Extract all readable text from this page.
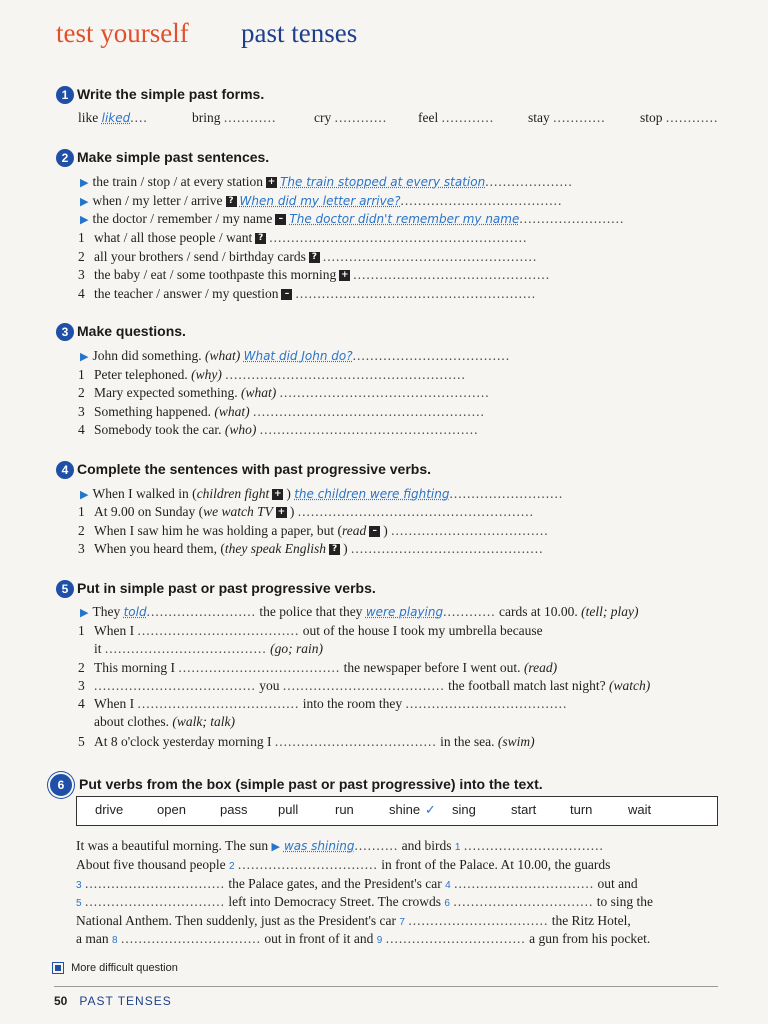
test yourself past tenses
1 Write the simple past forms.
like liked....	bring ............	cry ............ feel ............	stay ............	stop ............
2 Make simple past sentences.
▶ the train / stop / at every station + The train stopped at every station....................
▶ when / my letter / arrive ? When did my letter arrive?.....................................
▶ the doctor / remember / my name – The doctor didn't remember my name........................
1 what / all those people / want ? ...........................................................
2 all your brothers / send / birthday cards ? .................................................
3 the baby / eat / some toothpaste this morning + .............................................
4 the teacher / answer / my question – .......................................................
3 Make questions.
▶ John did something. (what) What did John do?....................................
1 Peter telephoned. (why) .......................................................
2 Mary expected something. (what) ................................................
3 Something happened. (what) .....................................................
4 Somebody took the car. (who) ..................................................
4 Complete the sentences with past progressive verbs.
▶ When I walked in (children fight + ) the children were fighting..........................
1 At 9.00 on Sunday (we watch TV + ) ......................................................
2 When I saw him he was holding a paper, but (read – ) ....................................
3 When you heard them, (they speak English ? ) ............................................
5 Put in simple past or past progressive verbs.
▶ They told......................... the police that they were playing............ cards at 10.00. (tell; play)
1 When I ..................................... out of the house I took my umbrella because
it ..................................... (go; rain)
2 This morning I ..................................... the newspaper before I went out. (read)
3 ..................................... you ..................................... the football match last night? (watch)
4 When I ..................................... into the room they .....................................
about clothes. (walk; talk)
5 At 8 o'clock yesterday morning I ..................................... in the sea. (swim)
6 Put verbs from the box (simple past or past progressive) into the text.
drive	open	pass pull	run	shine ✓ sing	start	turn	wait
It was a beautiful morning. The sun ▶ was shining.......... and birds 1 ................................
About five thousand people 2 ................................ in front of the Palace. At 10.00, the guards
3 ................................ the Palace gates, and the President's car 4 ................................ out and
5 ................................ left into Democracy Street. The crowds 6 ................................ to sing the
National Anthem. Then suddenly, just as the President's car 7 ................................ the Ritz Hotel,
a man 8 ................................ out in front of it and 9 ................................ a gun from his pocket.
More difficult question
50 PAST TENSES
